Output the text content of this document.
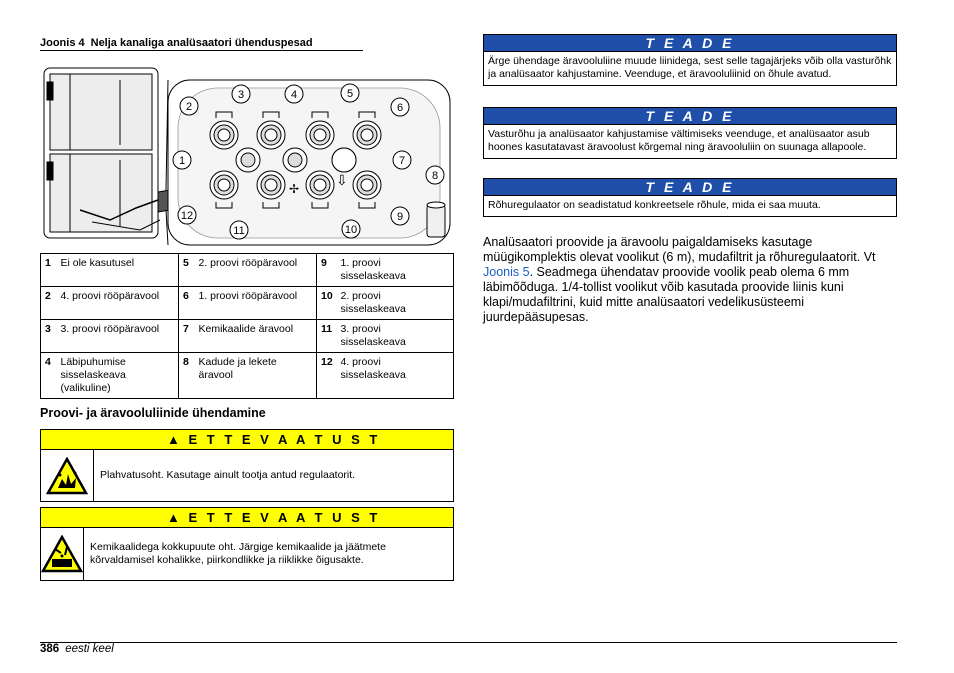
Joonis 4 Nelja kanaliga analüsaatori ühenduspesad
✢	⇩
2
3	4	5
6
1	7
8
12	9
11	10
1	Ei ole kasutusel	5	2. proovi rööpäravool	9	1. proovi sisselaskeava
2	4. proovi rööpäravool	6	1. proovi rööpäravool	10	2. proovi sisselaskeava
3	3. proovi rööpäravool	7	Kemikaalide äravool	11	3. proovi sisselaskeava
4	Läbipuhumise sisselaskeava (valikuline)	8	Kadude ja lekete äravool	12	4. proovi sisselaskeava
Proovi- ja äravooluliinide ühendamine
▲ E T T E V A A T U S T
Plahvatusoht. Kasutage ainult tootja antud regulaatorit.
▲ E T T E V A A T U S T
Kemikaalidega kokkupuute oht. Järgige kemikaalide ja jäätmete kõrvaldamisel kohalikke, piirkondlikke ja riiklikke õigusakte.
T E A D E
Ärge ühendage äravooluliine muude liinidega, sest selle tagajärjeks võib olla vasturõhk ja analüsaator kahjustamine. Veenduge, et äravooluliinid on õhule avatud.
T E A D E
Vasturõhu ja analüsaator kahjustamise vältimiseks veenduge, et analüsaator asub hoones kasutatavast äravoolust kõrgemal ning äravooluliin on suunaga allapoole.
T E A D E
Rõhuregulaator on seadistatud konkreetsele rõhule, mida ei saa muuta.
Analüsaatori proovide ja äravoolu paigaldamiseks kasutage müügikomplektis olevat voolikut (6 m), mudafiltrit ja rõhuregulaatorit. Vt Joonis 5. Seadmega ühendatav proovide voolik peab olema 6 mm läbimõõduga. 1/4-tollist voolikut võib kasutada proovide liinis kuni klapi/mudafiltrini, kuid mitte analüsaatori vedelikusüsteemi juurdepääsupesas.
386 eesti keel
